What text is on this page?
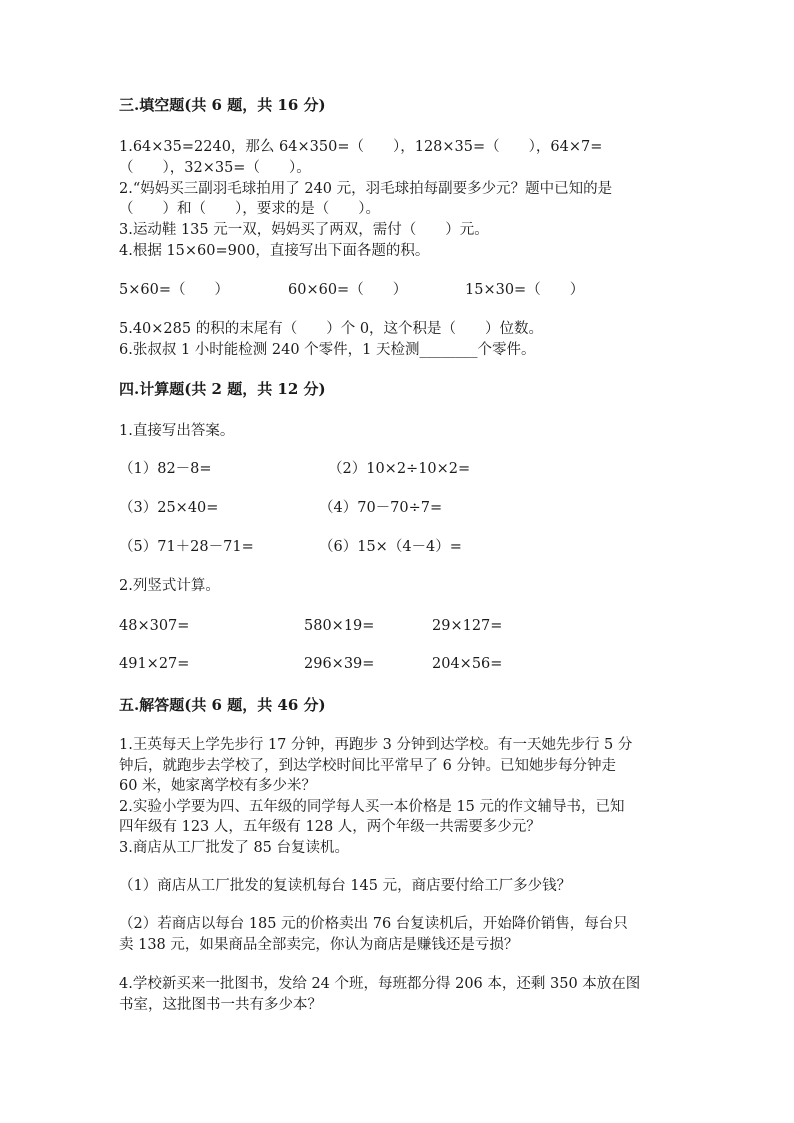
三.填空题(共 6 题，共 16 分)
1.64×35=2240，那么 64×350=（　　），128×35=（　　），64×7=
（　　），32×35=（　　）。
2.“妈妈买三副羽毛球拍用了 240 元，羽毛球拍每副要多少元？题中已知的是
（　　）和（　　），要求的是（　　）。
3.运动鞋 135 元一双，妈妈买了两双，需付（　　）元。
4.根据 15×60=900，直接写出下面各题的积。
5×60=（　　）	60×60=（　　）	15×30=（　　）
5.40×285 的积的末尾有（　　）个 0，这个积是（　　）位数。
6.张叔叔 1 小时能检测 240 个零件，1 天检测________个零件。
四.计算题(共 2 题，共 12 分)
1.直接写出答案。
（1）82－8=	（2）10×2÷10×2=
（3）25×40=	（4）70－70÷7=
（5）71＋28－71=	（6）15×（4－4）=
2.列竖式计算。
48×307=	580×19=	29×127=
491×27=	296×39=	204×56=
五.解答题(共 6 题，共 46 分)
1.王英每天上学先步行 17 分钟，再跑步 3 分钟到达学校。有一天她先步行 5 分
钟后，就跑步去学校了，到达学校时间比平常早了 6 分钟。已知她步每分钟走
60 米，她家离学校有多少米？
2.实验小学要为四、五年级的同学每人买一本价格是 15 元的作文辅导书，已知
四年级有 123 人，五年级有 128 人，两个年级一共需要多少元？
3.商店从工厂批发了 85 台复读机。
（1）商店从工厂批发的复读机每台 145 元，商店要付给工厂多少钱？
（2）若商店以每台 185 元的价格卖出 76 台复读机后，开始降价销售，每台只
卖 138 元，如果商品全部卖完，你认为商店是赚钱还是亏损？
4.学校新买来一批图书，发给 24 个班，每班都分得 206 本，还剩 350 本放在图
书室，这批图书一共有多少本？
